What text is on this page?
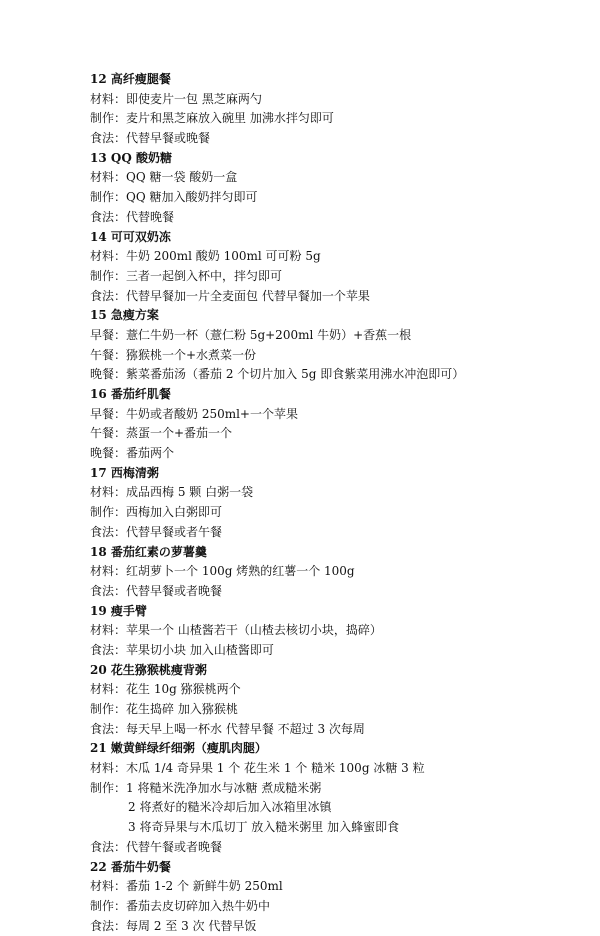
12 高纤瘦腿餐
材料：即使麦片一包 黑芝麻两勺
制作：麦片和黑芝麻放入碗里 加沸水拌匀即可
食法：代替早餐或晚餐
13 QQ 酸奶糖
材料：QQ 糖一袋 酸奶一盒
制作：QQ 糖加入酸奶拌匀即可
食法：代替晚餐
14 可可双奶冻
材料：牛奶 200ml 酸奶 100ml 可可粉 5g
制作：三者一起倒入杯中，拌匀即可
食法：代替早餐加一片全麦面包 代替早餐加一个苹果
15 急瘦方案
早餐：薏仁牛奶一杯（薏仁粉 5g+200ml 牛奶）+香蕉一根
午餐：猕猴桃一个+水煮菜一份
晚餐：紫菜番茄汤（番茄 2 个切片加入 5g 即食紫菜用沸水冲泡即可）
16 番茄纤肌餐
早餐：牛奶或者酸奶 250ml+一个苹果
午餐：蒸蛋一个+番茄一个
晚餐：番茄两个
17 西梅清粥
材料：成品西梅 5 颗 白粥一袋
制作：西梅加入白粥即可
食法：代替早餐或者午餐
18 番茄红素の萝薯羹
材料：红胡萝卜一个 100g 烤熟的红薯一个 100g
食法：代替早餐或者晚餐
19 瘦手臂
材料：苹果一个 山楂酱若干（山楂去核切小块，捣碎）
食法：苹果切小块 加入山楂酱即可
20 花生猕猴桃瘦背粥
材料：花生 10g 猕猴桃两个
制作：花生捣碎 加入猕猴桃
食法：每天早上喝一杯水 代替早餐 不超过 3 次每周
21 嫩黄鲜绿纤细粥（瘦肌肉腿）
材料：木瓜 1/4 奇异果 1 个 花生米 1 个 糙米 100g 冰糖 3 粒
制作：1 将糙米洗净加水与冰糖 煮成糙米粥
2 将煮好的糙米冷却后加入冰箱里冰镇
3 将奇异果与木瓜切丁 放入糙米粥里 加入蜂蜜即食
食法：代替午餐或者晚餐
22 番茄牛奶餐
材料：番茄 1-2 个 新鲜牛奶 250ml
制作：番茄去皮切碎加入热牛奶中
食法：每周 2 至 3 次 代替早饭
